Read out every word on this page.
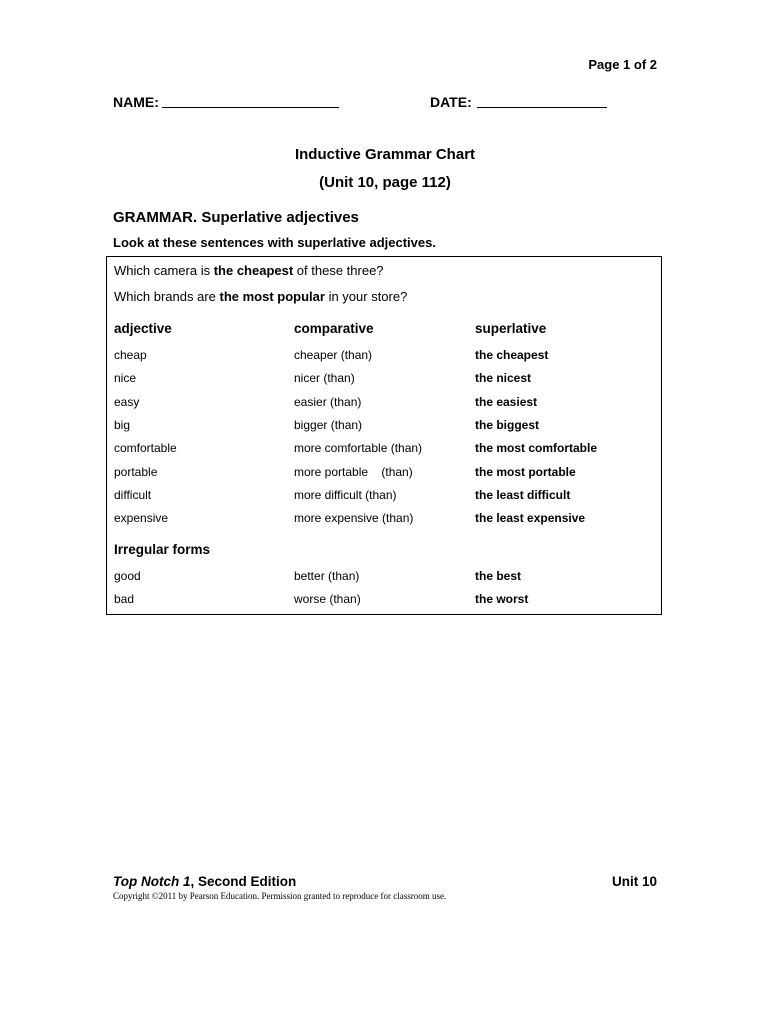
Page 1 of 2
NAME:	DATE:
Inductive Grammar Chart
(Unit 10, page 112)
GRAMMAR. Superlative adjectives
Look at these sentences with superlative adjectives.
Which camera is the cheapest of these three?
Which brands are the most popular in your store?
adjective	comparative	superlative
cheap	cheaper (than)	the cheapest
nice	nicer (than)	the nicest
easy	easier (than)	the easiest
big	bigger (than)	the biggest
comfortable	more comfortable (than)	the most comfortable
portable	more portable    (than)	the most portable
difficult	more difficult (than)	the least difficult
expensive	more expensive (than)	the least expensive
Irregular forms
good	better (than)	the best
bad	worse (than)	the worst
Top Notch 1, Second Edition	Unit 10
Copyright ©2011 by Pearson Education. Permission granted to reproduce for classroom use.
